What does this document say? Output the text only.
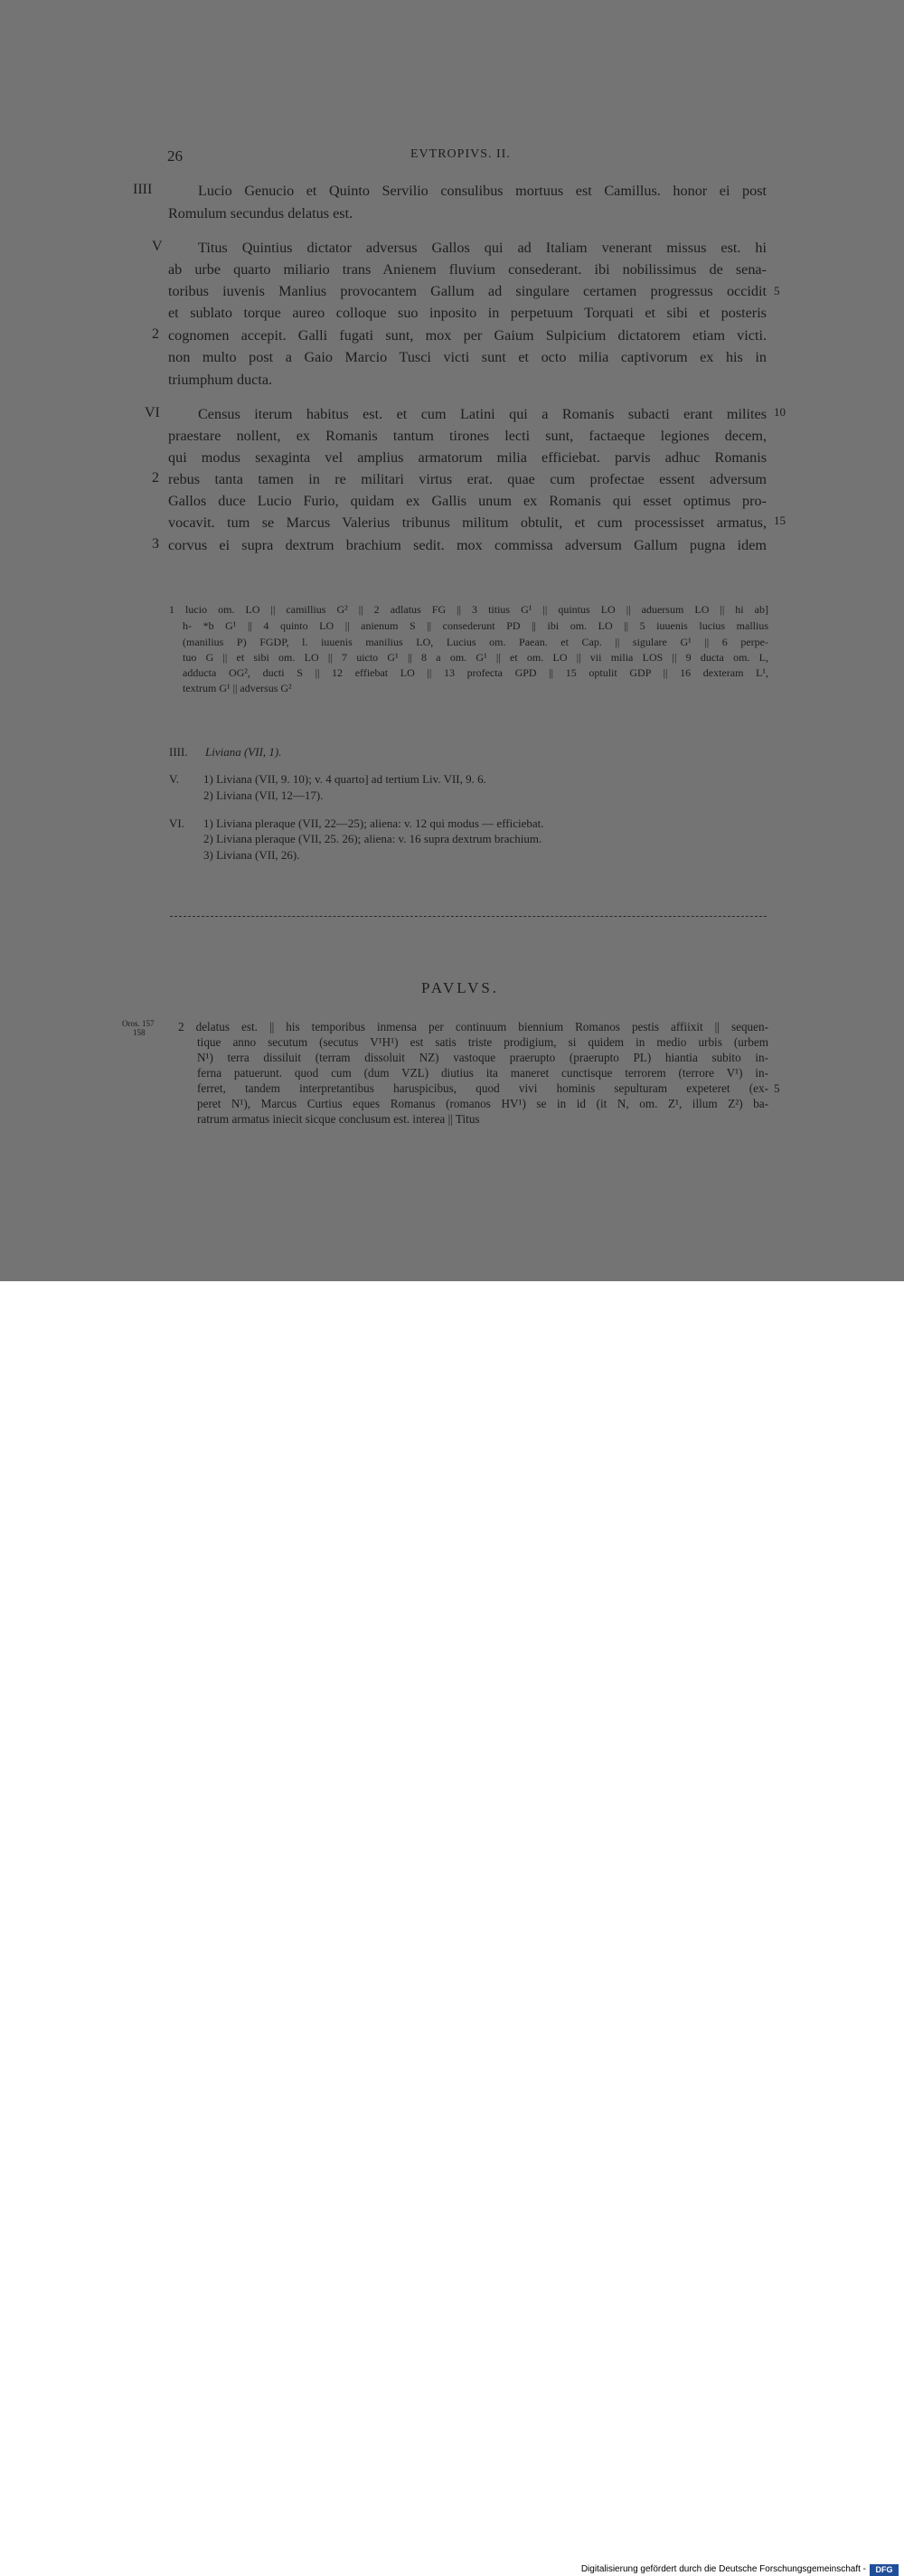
26	EVTROPIVS. II.
IIII
V
VI
2
2
3
5
10
15
Lucio Genucio et Quinto Servilio consulibus mortuus est Camillus. honor ei post
Romulum secundus delatus est.
Titus Quintius dictator adversus Gallos qui ad Italiam venerant missus est. hi
ab urbe quarto miliario trans Anienem fluvium consederant. ibi nobilissimus de sena-
toribus iuvenis Manlius provocantem Gallum ad singulare certamen progressus occidit
et sublato torque aureo colloque suo inposito in perpetuum Torquati et sibi et posteris
cognomen accepit. Galli fugati sunt, mox per Gaium Sulpicium dictatorem etiam victi.
non multo post a Gaio Marcio Tusci victi sunt et octo milia captivorum ex his in
triumphum ducta.
Census iterum habitus est. et cum Latini qui a Romanis subacti erant milites
praestare nollent, ex Romanis tantum tirones lecti sunt, factaeque legiones decem,
qui modus sexaginta vel amplius armatorum milia efficiebat. parvis adhuc Romanis
rebus tanta tamen in re militari virtus erat. quae cum profectae essent adversum
Gallos duce Lucio Furio, quidam ex Gallis unum ex Romanis qui esset optimus pro-
vocavit. tum se Marcus Valerius tribunus militum obtulit, et cum processisset armatus,
corvus ei supra dextrum brachium sedit. mox commissa adversum Gallum pugna idem
1 lucio om. LO || camillius G² || 2 adlatus FG || 3 titius G¹ || quintus LO || aduersum LO || hi ab]
h- *b G¹ || 4 quinto LO || anienum S || consederunt PD || ibi om. LO || 5 iuuenis lucius mallius
(manilius P) FGDP, l. iuuenis manilius LO, Lucius om. Paean. et Cap. || sigulare G¹ || 6 perpe-
tuo G || et sibi om. LO || 7 uicto G¹ || 8 a om. G¹ || et om. LO || vii milia LOS || 9 ducta om. L,
adducta OG², ducti S || 12 effiebat LO || 13 profecta GPD || 15 optulit GDP || 16 dexteram L¹,
textrum G¹ || adversus G²
IIII. Liviana (VII, 1).
V. 1) Liviana (VII, 9. 10); v. 4 quarto] ad tertium Liv. VII, 9. 6.
2) Liviana (VII, 12—17).
VI. 1) Liviana pleraque (VII, 22—25); aliena: v. 12 qui modus — efficiebat.
2) Liviana pleraque (VII, 25. 26); aliena: v. 16 supra dextrum brachium.
3) Liviana (VII, 26).
PAVLVS.
Oros. 157
158	2 delatus est. || his temporibus inmensa per continuum biennium Romanos pestis affiixit || sequen-
tique anno secutum (secutus V¹H¹) est satis triste prodigium, si quidem in medio urbis (urbem
N¹) terra dissiluit (terram dissoluit NZ) vastoque praerupto (praerupto PL) hiantia subito in-
ferna patuerunt. quod cum (dum VZL) diutius ita maneret cunctisque terrorem (terrore V¹) in-
ferret, tandem interpretantibus haruspicibus, quod vivi hominis sepulturam expeteret (ex-
peret N¹), Marcus Curtius eques Romanus (romanos HV¹) se in id (it N, om. Z¹, illum Z²) ba-
ratrum armatus iniecit sicque conclusum est. interea || Titus
5
Digitalisierung gefördert durch die Deutsche Forschungsgemeinschaft -	DFG
